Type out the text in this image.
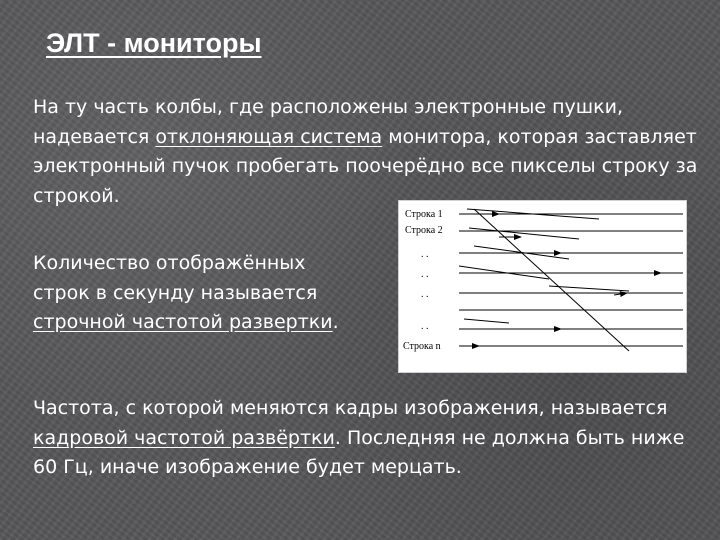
ЭЛТ - мониторы

На ту часть колбы, где расположены электронные пушки, надевается отклоняющая система монитора, которая заставляет электронный пучок пробегать поочерёдно все пикселы строку за строкой.

Количество отображённых строк в секунду называется строчной частотой развертки.

Строка 1
Строка 2
. .
. .
. .
. .
Строка n

Частота, с которой меняются кадры изображения, называется кадровой частотой развёртки. Последняя не должна быть ниже 60 Гц, иначе изображение будет мерцать.
